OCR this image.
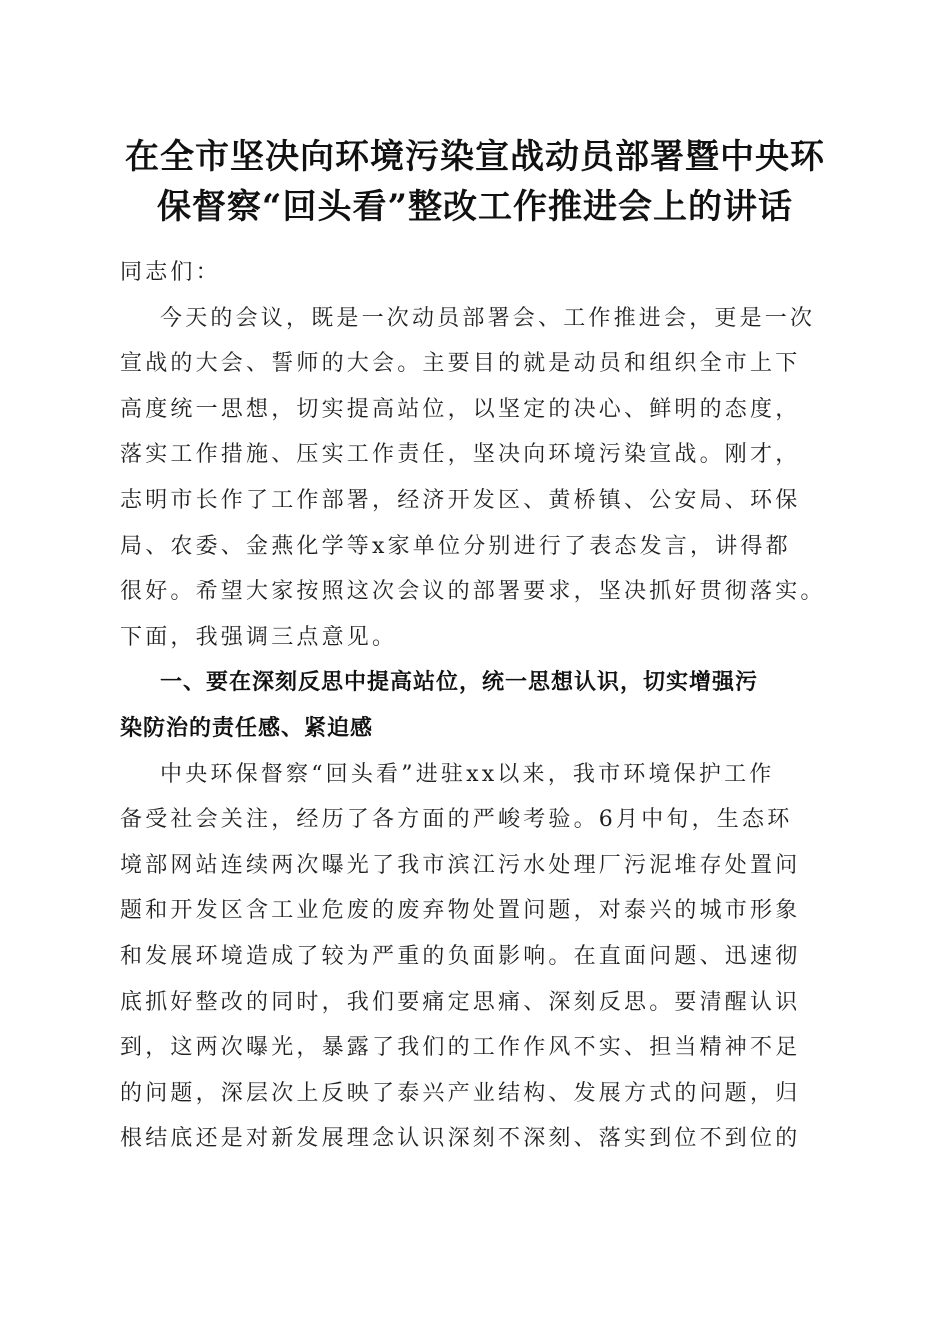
在全市坚决向环境污染宣战动员部署暨中央环
保督察“回头看”整改工作推进会上的讲话
同志们：
今天的会议，既是一次动员部署会、工作推进会，更是一次
宣战的大会、誓师的大会。主要目的就是动员和组织全市上下
高度统一思想，切实提高站位，以坚定的决心、鲜明的态度，
落实工作措施、压实工作责任，坚决向环境污染宣战。刚才，
志明市长作了工作部署，经济开发区、黄桥镇、公安局、环保
局、农委、金燕化学等x家单位分别进行了表态发言，讲得都
很好。希望大家按照这次会议的部署要求，坚决抓好贯彻落实。
下面，我强调三点意见。
一、要在深刻反思中提高站位，统一思想认识，切实增强污
染防治的责任感、紧迫感
中央环保督察“回头看”进驻xx以来，我市环境保护工作
备受社会关注，经历了各方面的严峻考验。6月中旬，生态环
境部网站连续两次曝光了我市滨江污水处理厂污泥堆存处置问
题和开发区含工业危废的废弃物处置问题，对泰兴的城市形象
和发展环境造成了较为严重的负面影响。在直面问题、迅速彻
底抓好整改的同时，我们要痛定思痛、深刻反思。要清醒认识
到，这两次曝光，暴露了我们的工作作风不实、担当精神不足
的问题，深层次上反映了泰兴产业结构、发展方式的问题，归
根结底还是对新发展理念认识深刻不深刻、落实到位不到位的
